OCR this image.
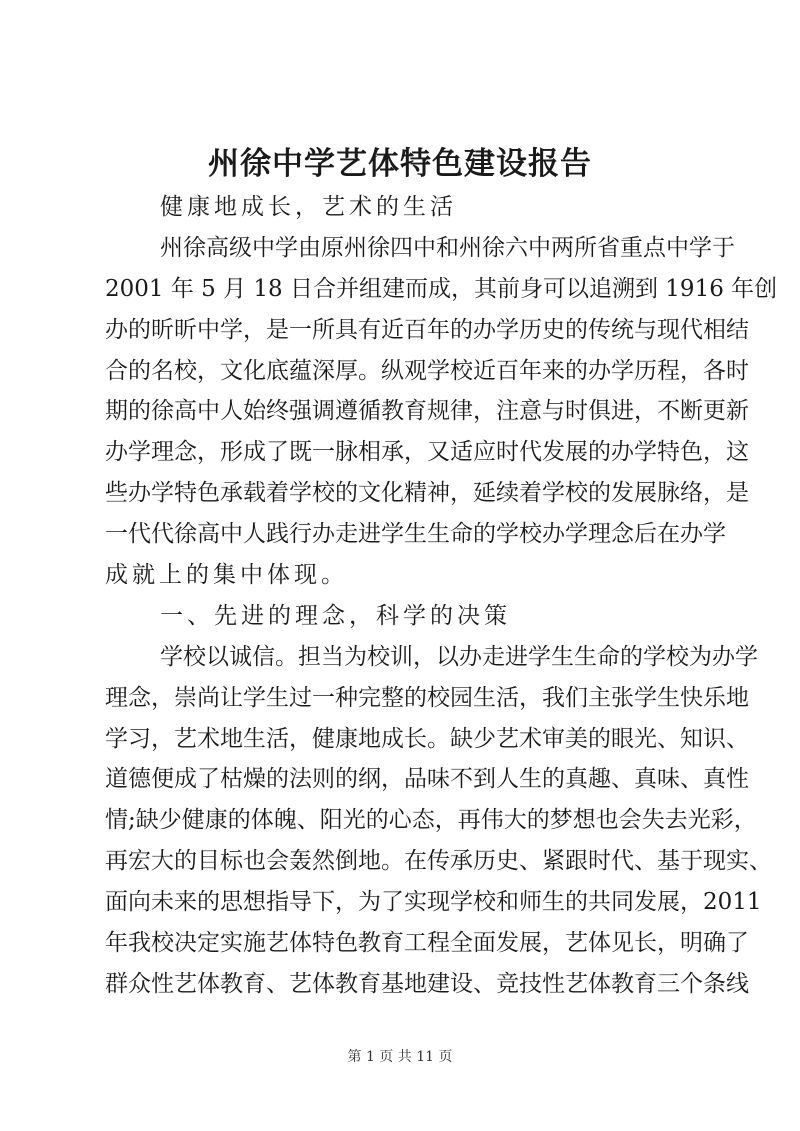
州徐中学艺体特色建设报告
健康地成长，艺术的生活
州徐高级中学由原州徐四中和州徐六中两所省重点中学于
2001 年 5 月 18 日合并组建而成，其前身可以追溯到 1916 年创
办的昕昕中学，是一所具有近百年的办学历史的传统与现代相结
合的名校，文化底蕴深厚。纵观学校近百年来的办学历程，各时
期的徐高中人始终强调遵循教育规律，注意与时俱进，不断更新
办学理念，形成了既一脉相承，又适应时代发展的办学特色，这
些办学特色承载着学校的文化精神，延续着学校的发展脉络，是
一代代徐高中人践行办走进学生生命的学校办学理念后在办学
成就上的集中体现。
一、先进的理念，科学的决策
学校以诚信。担当为校训，以办走进学生生命的学校为办学
理念，崇尚让学生过一种完整的校园生活，我们主张学生快乐地
学习，艺术地生活，健康地成长。缺少艺术审美的眼光、知识、
道德便成了枯燥的法则的纲，品味不到人生的真趣、真味、真性
情;缺少健康的体魄、阳光的心态，再伟大的梦想也会失去光彩，
再宏大的目标也会轰然倒地。在传承历史、紧跟时代、基于现实、
面向未来的思想指导下，为了实现学校和师生的共同发展，2011
年我校决定实施艺体特色教育工程全面发展，艺体见长，明确了
群众性艺体教育、艺体教育基地建设、竞技性艺体教育三个条线
第 1 页 共 11 页
